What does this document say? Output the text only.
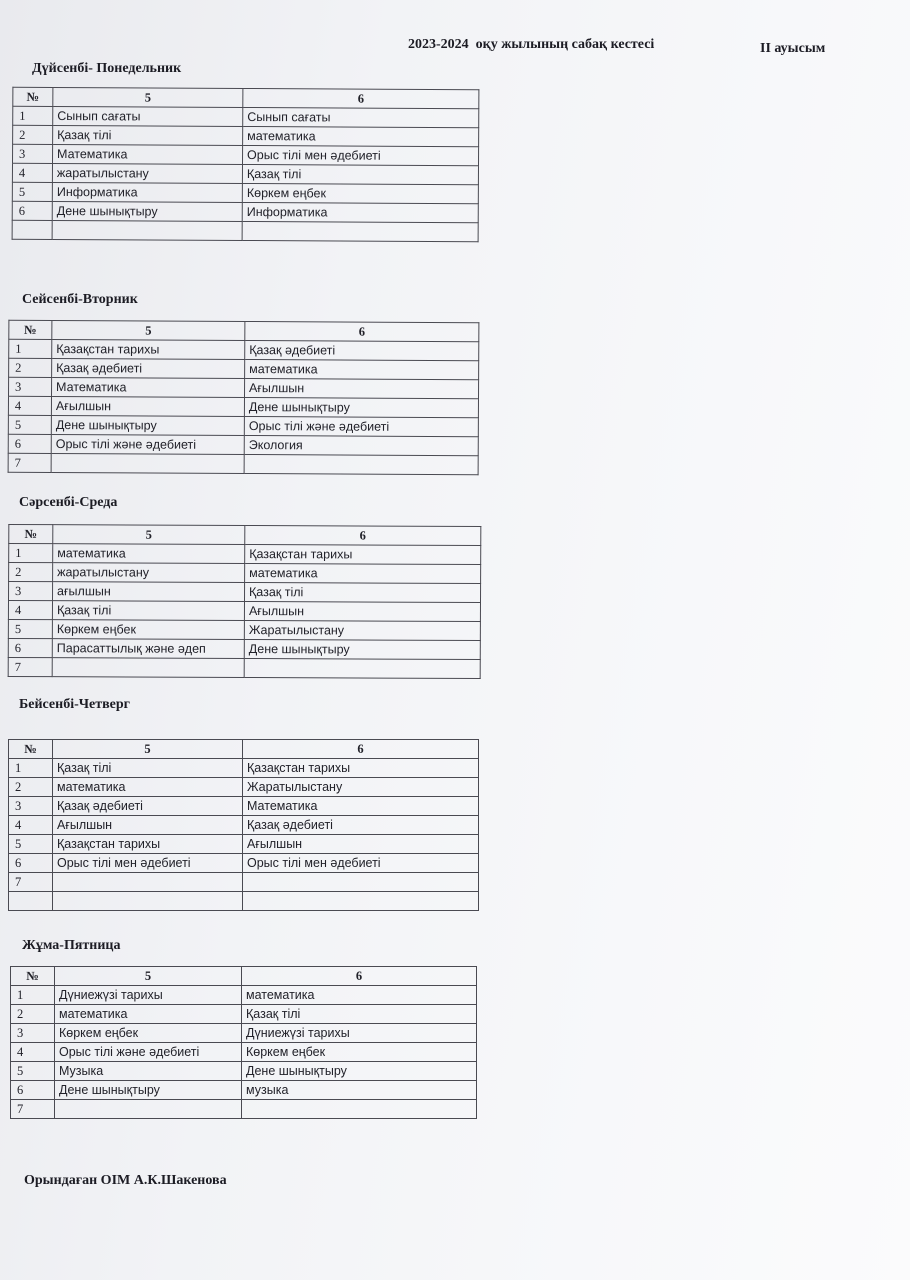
2023-2024  оқу жылының сабақ кестесі	II ауысым
Дүйсенбі- Понедельник
№	5	6
1	Сынып сағаты	Сынып сағаты
2	Қазақ тілі	математика
3	Математика	Орыс тілі мен әдебиеті
4	жаратылыстану	Қазақ тілі
5	Информатика	Көркем еңбек
6	Дене шынықтыру	Информатика

Сейсенбі-Вторник
№	5	6
1	Қазақстан тарихы	Қазақ әдебиеті
2	Қазақ әдебиеті	математика
3	Математика	Ағылшын
4	Ағылшын	Дене шынықтыру
5	Дене шынықтыру	Орыс тілі және әдебиеті
6	Орыс тілі және әдебиеті	Экология
7		
Сәрсенбі-Среда
№	5	6
1	математика	Қазақстан тарихы
2	жаратылыстану	математика
3	ағылшын	Қазақ тілі
4	Қазақ тілі	Ағылшын
5	Көркем еңбек	Жаратылыстану
6	Парасаттылық және әдеп	Дене шынықтыру
7		
Бейсенбі-Четверг
№	5	6
1	Қазақ тілі	Қазақстан тарихы
2	математика	Жаратылыстану
3	Қазақ әдебиеті	Математика
4	Ағылшын	Қазақ әдебиеті
5	Қазақстан тарихы	Ағылшын
6	Орыс тілі мен әдебиеті	Орыс тілі мен әдебиеті
7		

Жұма-Пятница
№	5	6
1	Дүниежүзі тарихы	математика
2	математика	Қазақ тілі
3	Көркем еңбек	Дүниежүзі тарихы
4	Орыс тілі және әдебиеті	Көркем еңбек
5	Музыка	Дене шынықтыру
6	Дене шынықтыру	музыка
7		
Орындаған ОІМ А.К.Шакенова
